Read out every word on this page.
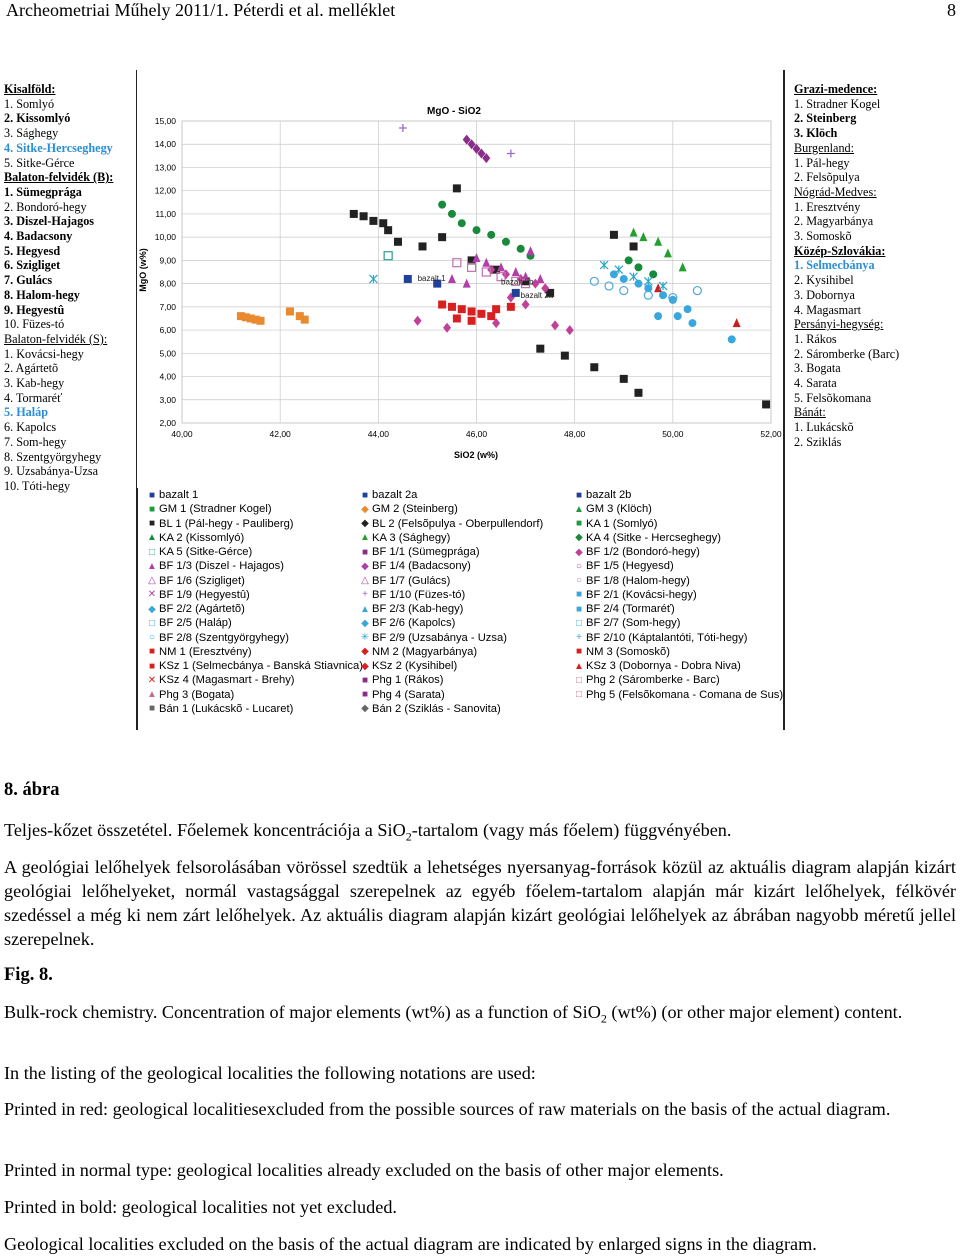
Archeometriai Műhely 2011/1. Péterdi et al. melléklet	8
Kisalföld:
1. Somlyó
2. Kissomlyó
3. Sághegy
4. Sitke-Hercseghegy
5. Sitke-Gérce
Balaton-felvidék (B):
1. Sümegprága
2. Bondoró-hegy
3. Diszel-Hajagos
4. Badacsony
5. Hegyesd
6. Szigliget
7. Gulács
8. Halom-hegy
9. Hegyestû
10. Füzes-tó
Balaton-felvidék (S):
1. Kovácsi-hegy
2. Agártetõ
3. Kab-hegy
4. Tormaréť
5. Haláp
6. Kapolcs
7. Som-hegy
8. Szentgyörgyhegy
9. Uzsabánya-Uzsa
10. Tóti-hegy
Grazi-medence:
1. Stradner Kogel
2. Steinberg
3. Klöch
Burgenland:
1. Pál-hegy
2. Felsõpulya
Nógrád-Medves:
1. Eresztvény
2. Magyarbánya
3. Somoskõ
Közép-Szlovákia:
1. Selmecbánya
2. Kysihibel
3. Dobornya
4. Magasmart
Persányi-hegység:
1. Rákos
2. Sáromberke (Barc)
3. Bogata
4. Sarata
5. Felsõkomana
Bánát:
1. Lukácskõ
2. Sziklás
2,00
3,00
4,00
5,00
6,00
7,00
8,00
9,00
10,00
11,00
12,00
13,00
14,00
15,00
40,00	42,00	44,00	46,00	48,00	50,00	52,00
MgO - SiO2
SiO2 (w%)
MgO (w%)	bazalt 1	bazalt 2b
bazalt 2a
■ bazalt 1
■ GM 1 (Stradner Kogel)
■ BL 1 (Pál-hegy - Pauliberg)
▲ KA 2 (Kissomlyó)
□ KA 5 (Sitke-Gérce)
▲ BF 1/3 (Diszel - Hajagos)
△ BF 1/6 (Szigliget)
✕ BF 1/9 (Hegyestû)
◆ BF 2/2 (Agártetõ)
□ BF 2/5 (Haláp)
○ BF 2/8 (Szentgyörgyhegy)
■ NM 1 (Eresztvény)
■ KSz 1 (Selmecbánya - Banská Stiavnica)
✕ KSz 4 (Magasmart - Brehy)
▲ Phg 3 (Bogata)
■ Bán 1 (Lukácskõ - Lucaret)
■ bazalt 2a
◆ GM 2 (Steinberg)
◆ BL 2 (Felsõpulya - Oberpullendorf)
▲ KA 3 (Sághegy)
■ BF 1/1 (Sümegprága)
◆ BF 1/4 (Badacsony)
△ BF 1/7 (Gulács)
+ BF 1/10 (Füzes-tó)
▲ BF 2/3 (Kab-hegy)
◆ BF 2/6 (Kapolcs)
✳ BF 2/9 (Uzsabánya - Uzsa)
◆ NM 2 (Magyarbánya)
◆ KSz 2 (Kysihibel)
■ Phg 1 (Rákos)
■ Phg 4 (Sarata)
◆ Bán 2 (Sziklás - Sanovita)
■ bazalt 2b
▲ GM 3 (Klöch)
■ KA 1 (Somlyó)
◆ KA 4 (Sitke - Hercseghegy)
◆ BF 1/2 (Bondoró-hegy)
○ BF 1/5 (Hegyesd)
○ BF 1/8 (Halom-hegy)
■ BF 2/1 (Kovácsi-hegy)
■ BF 2/4 (Tormaréť)
□ BF 2/7 (Som-hegy)
+ BF 2/10 (Káptalantóti, Tóti-hegy)
■ NM 3 (Somoskõ)
▲ KSz 3 (Dobornya - Dobra Niva)
□ Phg 2 (Sáromberke - Barc)
□ Phg 5 (Felsõkomana - Comana de Sus)
8. ábra
Teljes-kőzet összetétel. Főelemek koncentrációja a SiO$_2$-tartalom (vagy más főelem) függvényében.
A geológiai lelőhelyek felsorolásában vörössel szedtük a lehetséges nyersanyag-források közül az aktuális diagram alapján kizárt geológiai lelőhelyeket, normál vastagsággal szerepelnek az egyéb főelem-tartalom alapján már kizárt lelőhelyek, félkövér szedéssel a még ki nem zárt lelőhelyek. Az aktuális diagram alapján kizárt geológiai lelőhelyek az ábrában nagyobb méretű jellel szerepelnek.
Fig. 8.
Bulk-rock chemistry. Concentration of major elements (wt%) as a function of SiO$_2$ (wt%) (or other major element) content.
In the listing of the geological localities the following notations are used:
Printed in red: geological localitiesexcluded from the possible sources of raw materials on the basis of the actual diagram.
Printed in normal type: geological localities already excluded on the basis of other major elements.
Printed in bold: geological localities not yet excluded.
Geological localities excluded on the basis of the actual diagram are indicated by enlarged signs in the diagram.
